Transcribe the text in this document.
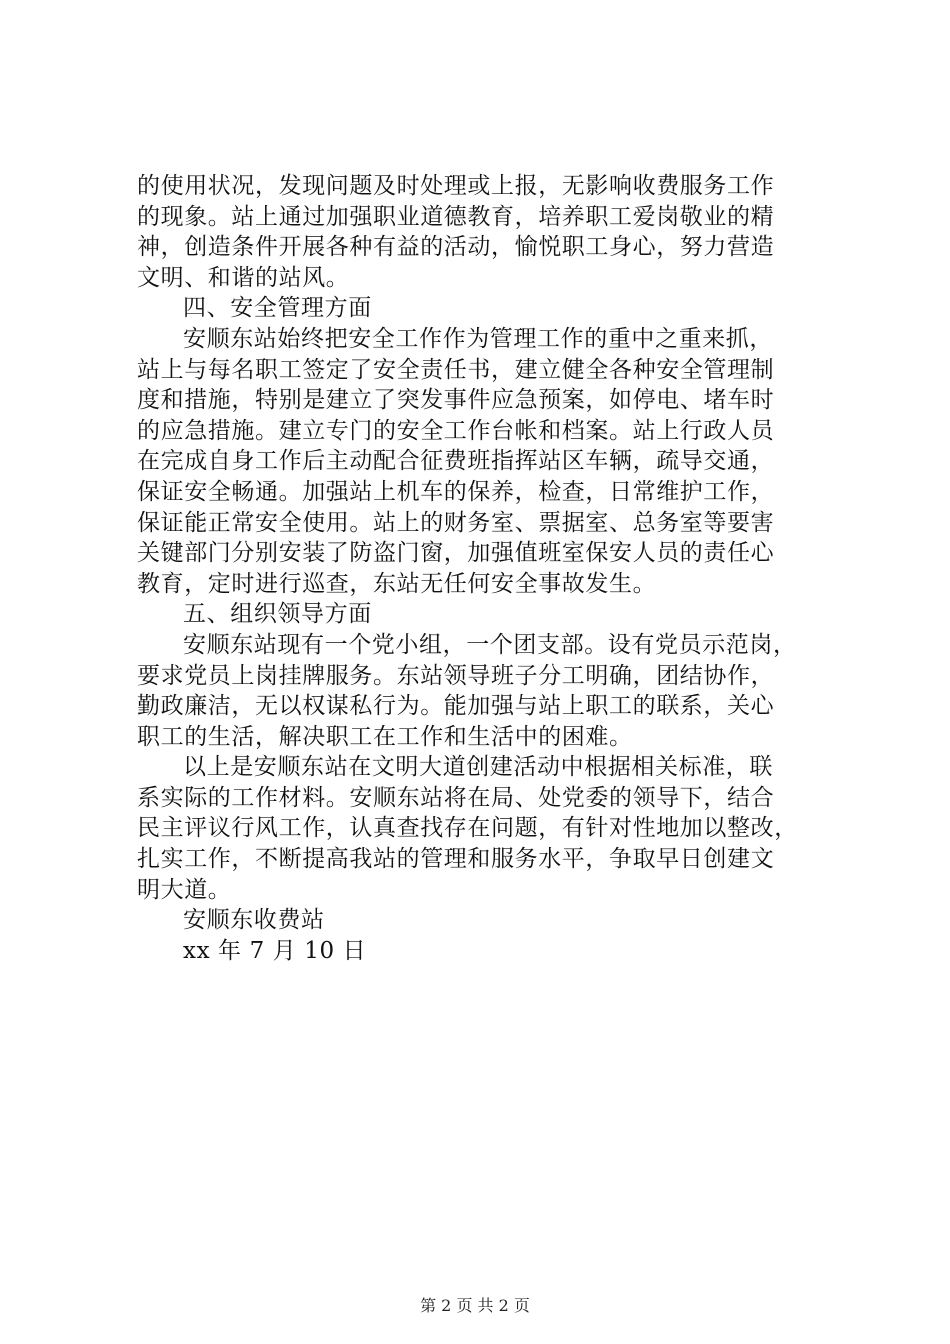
的使用状况，发现问题及时处理或上报，无影响收费服务工作
的现象。站上通过加强职业道德教育，培养职工爱岗敬业的精
神，创造条件开展各种有益的活动，愉悦职工身心，努力营造
文明、和谐的站风。
四、安全管理方面
安顺东站始终把安全工作作为管理工作的重中之重来抓，
站上与每名职工签定了安全责任书，建立健全各种安全管理制
度和措施，特别是建立了突发事件应急预案，如停电、堵车时
的应急措施。建立专门的安全工作台帐和档案。站上行政人员
在完成自身工作后主动配合征费班指挥站区车辆，疏导交通，
保证安全畅通。加强站上机车的保养，检查，日常维护工作，
保证能正常安全使用。站上的财务室、票据室、总务室等要害
关键部门分别安装了防盗门窗，加强值班室保安人员的责任心
教育，定时进行巡查，东站无任何安全事故发生。
五、组织领导方面
安顺东站现有一个党小组，一个团支部。设有党员示范岗，
要求党员上岗挂牌服务。东站领导班子分工明确，团结协作，
勤政廉洁，无以权谋私行为。能加强与站上职工的联系，关心
职工的生活，解决职工在工作和生活中的困难。
以上是安顺东站在文明大道创建活动中根据相关标准，联
系实际的工作材料。安顺东站将在局、处党委的领导下，结合
民主评议行风工作，认真查找存在问题，有针对性地加以整改，
扎实工作，不断提高我站的管理和服务水平，争取早日创建文
明大道。
安顺东收费站
xx 年 7 月 10 日
第 2 页 共 2 页
